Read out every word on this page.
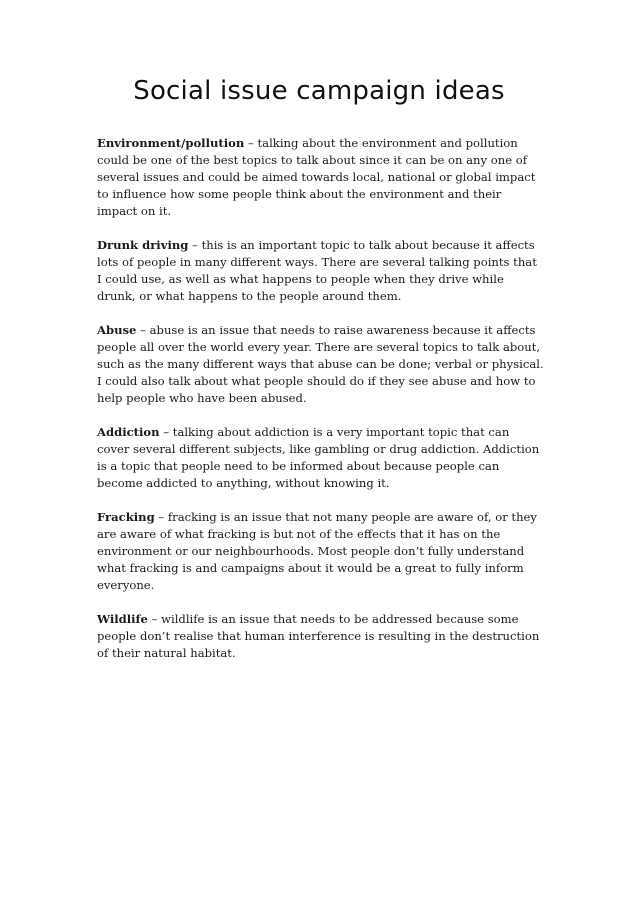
Social issue campaign ideas

Environment/pollution – talking about the environment and pollution could be one of the best topics to talk about since it can be on any one of several issues and could be aimed towards local, national or global impact to influence how some people think about the environment and their impact on it.

Drunk driving – this is an important topic to talk about because it affects lots of people in many different ways. There are several talking points that I could use, as well as what happens to people when they drive while drunk, or what happens to the people around them.

Abuse – abuse is an issue that needs to raise awareness because it affects people all over the world every year. There are several topics to talk about, such as the many different ways that abuse can be done; verbal or physical. I could also talk about what people should do if they see abuse and how to help people who have been abused.

Addiction – talking about addiction is a very important topic that can cover several different subjects, like gambling or drug addiction. Addiction is a topic that people need to be informed about because people can become addicted to anything, without knowing it.

Fracking – fracking is an issue that not many people are aware of, or they are aware of what fracking is but not of the effects that it has on the environment or our neighbourhoods. Most people don’t fully understand what fracking is and campaigns about it would be a great to fully inform everyone.

Wildlife – wildlife is an issue that needs to be addressed because some people don’t realise that human interference is resulting in the destruction of their natural habitat.
